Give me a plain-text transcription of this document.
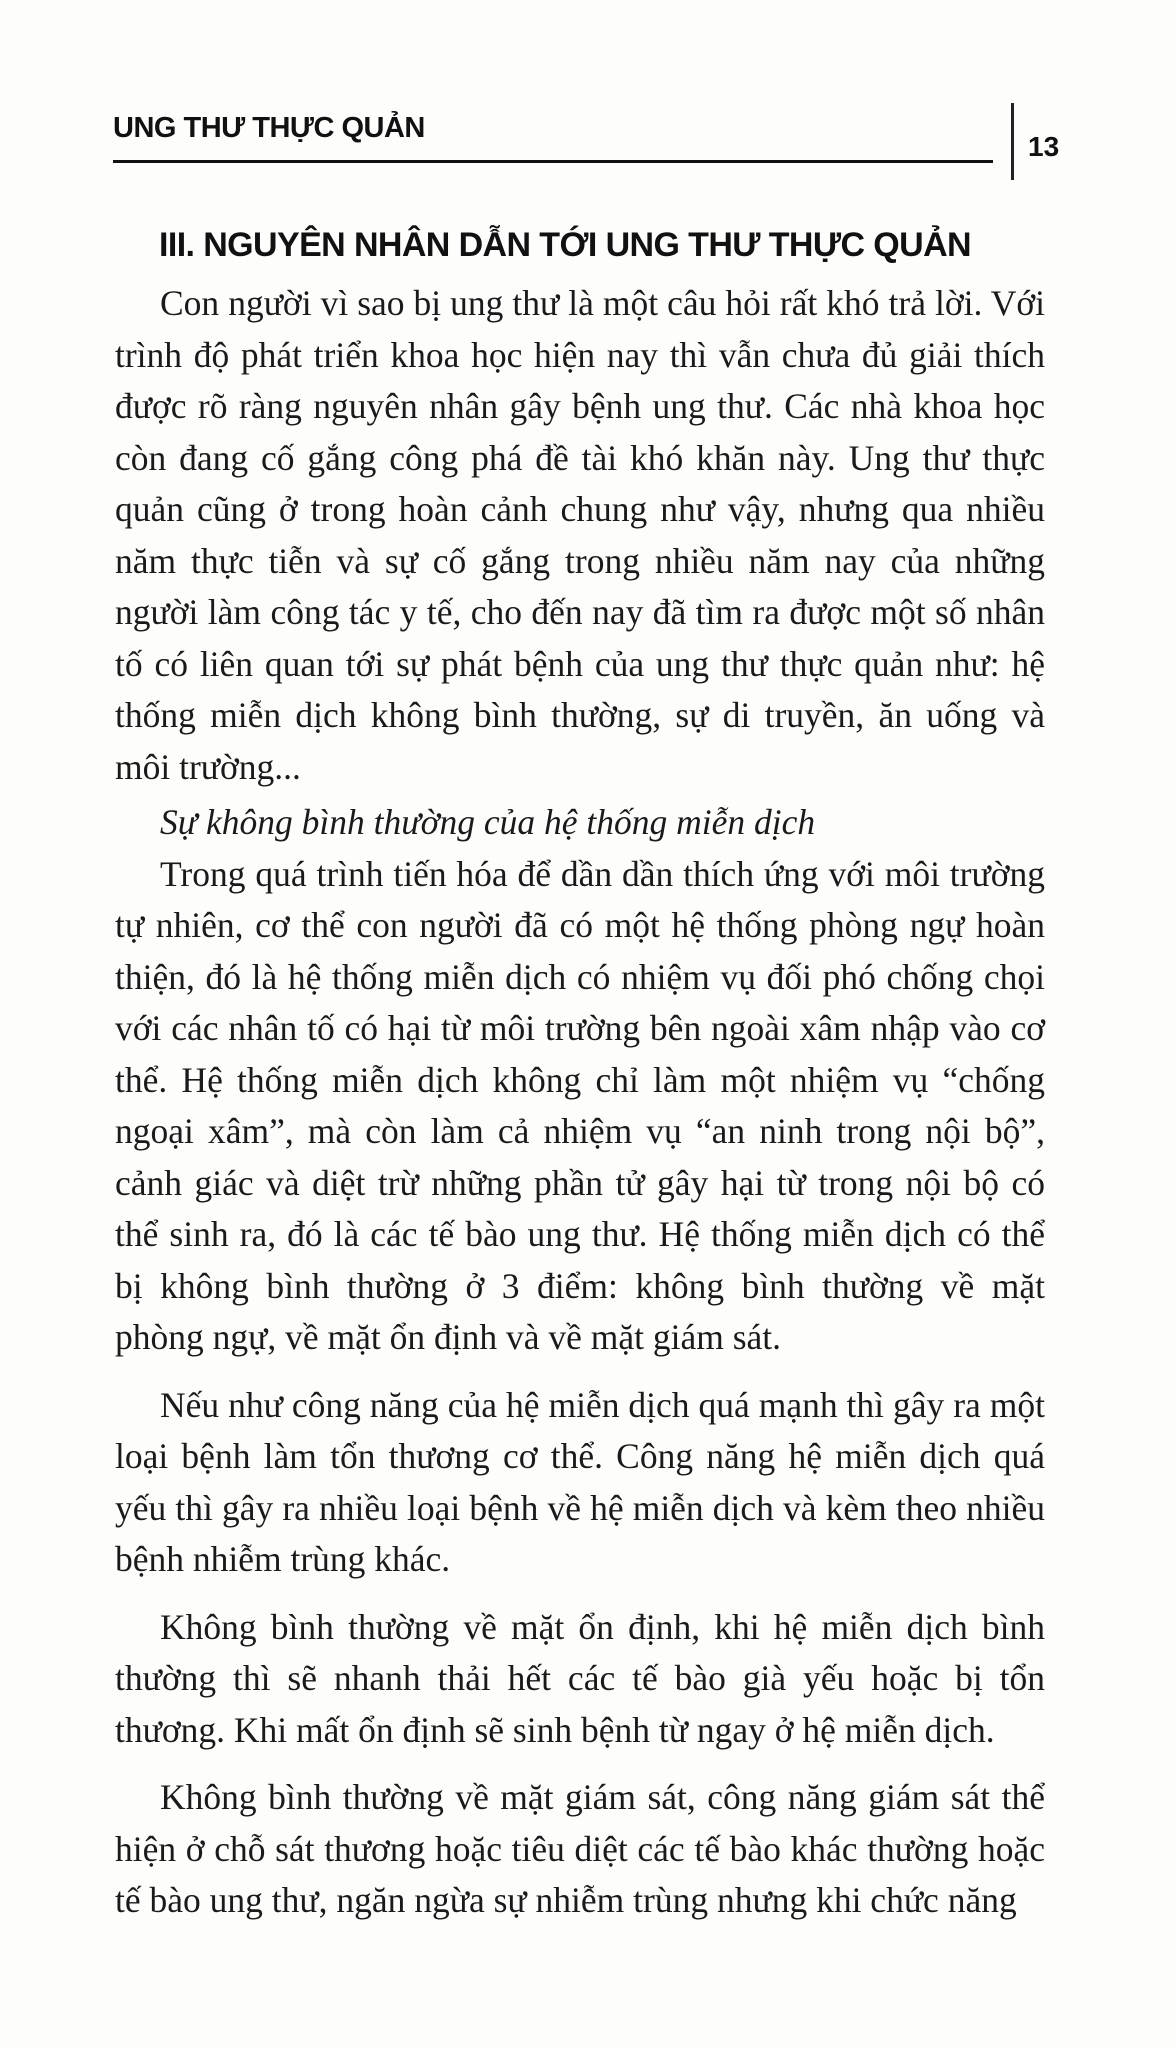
UNG THƯ THỰC QUẢN
13
III. NGUYÊN NHÂN DẪN TỚI UNG THƯ THỰC QUẢN

Con người vì sao bị ung thư là một câu hỏi rất khó trả lời. Với trình độ phát triển khoa học hiện nay thì vẫn chưa đủ giải thích được rõ ràng nguyên nhân gây bệnh ung thư. Các nhà khoa học còn đang cố gắng công phá đề tài khó khăn này. Ung thư thực quản cũng ở trong hoàn cảnh chung như vậy, nhưng qua nhiều năm thực tiễn và sự cố gắng trong nhiều năm nay của những người làm công tác y tế, cho đến nay đã tìm ra được một số nhân tố có liên quan tới sự phát bệnh của ung thư thực quản như: hệ thống miễn dịch không bình thường, sự di truyền, ăn uống và môi trường...

Sự không bình thường của hệ thống miễn dịch

Trong quá trình tiến hóa để dần dần thích ứng với môi trường tự nhiên, cơ thể con người đã có một hệ thống phòng ngự hoàn thiện, đó là hệ thống miễn dịch có nhiệm vụ đối phó chống chọi với các nhân tố có hại từ môi trường bên ngoài xâm nhập vào cơ thể. Hệ thống miễn dịch không chỉ làm một nhiệm vụ “chống ngoại xâm”, mà còn làm cả nhiệm vụ “an ninh trong nội bộ”, cảnh giác và diệt trừ những phần tử gây hại từ trong nội bộ có thể sinh ra, đó là các tế bào ung thư. Hệ thống miễn dịch có thể bị không bình thường ở 3 điểm: không bình thường về mặt phòng ngự, về mặt ổn định và về mặt giám sát.

Nếu như công năng của hệ miễn dịch quá mạnh thì gây ra một loại bệnh làm tổn thương cơ thể. Công năng hệ miễn dịch quá yếu thì gây ra nhiều loại bệnh về hệ miễn dịch và kèm theo nhiều bệnh nhiễm trùng khác.

Không bình thường về mặt ổn định, khi hệ miễn dịch bình thường thì sẽ nhanh thải hết các tế bào già yếu hoặc bị tổn thương. Khi mất ổn định sẽ sinh bệnh từ ngay ở hệ miễn dịch.

Không bình thường về mặt giám sát, công năng giám sát thể hiện ở chỗ sát thương hoặc tiêu diệt các tế bào khác thường hoặc tế bào ung thư, ngăn ngừa sự nhiễm trùng nhưng khi chức năng
